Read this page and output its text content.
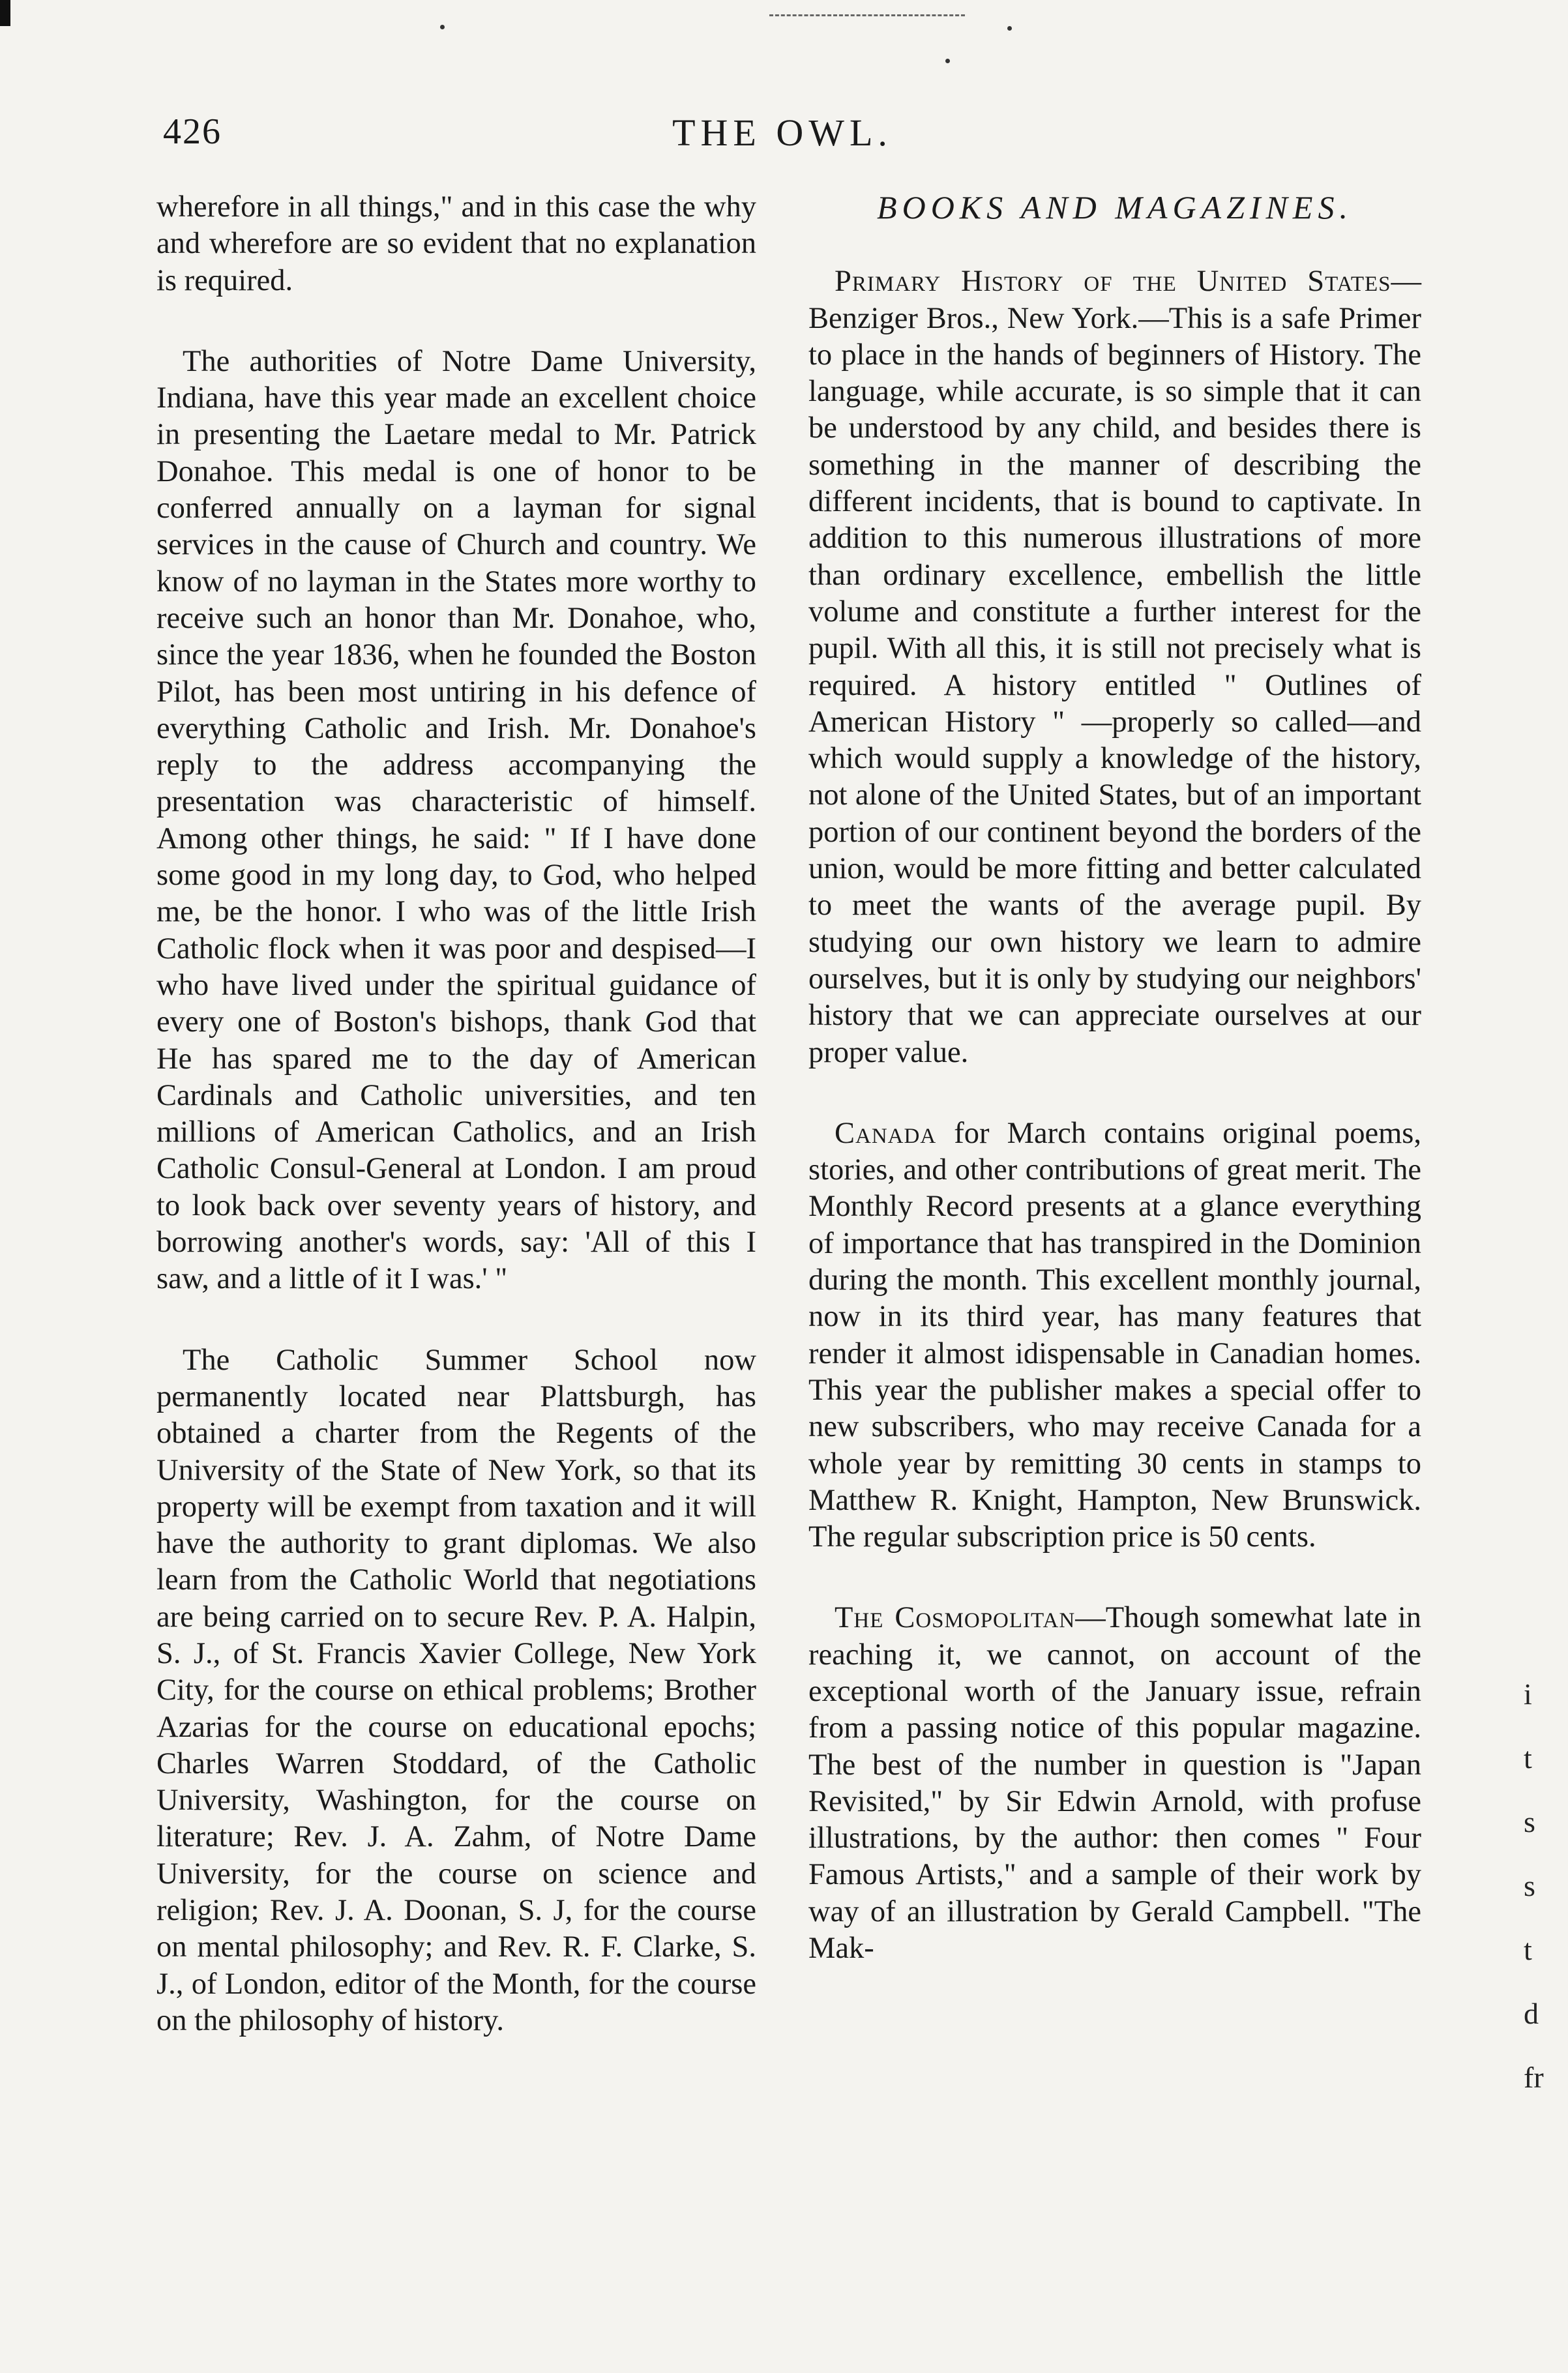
THE OWL.
426

wherefore in all things," and in this case the why and wherefore are so evident that no explanation is required.

The authorities of Notre Dame University, Indiana, have this year made an excellent choice in presenting the Laetare medal to Mr. Patrick Donahoe. This medal is one of honor to be conferred annually on a layman for signal services in the cause of Church and country. We know of no layman in the States more worthy to receive such an honor than Mr. Donahoe, who, since the year 1836, when he founded the Boston Pilot, has been most untiring in his defence of everything Catholic and Irish. Mr. Donahoe's reply to the address accompanying the presentation was characteristic of himself. Among other things, he said: " If I have done some good in my long day, to God, who helped me, be the honor. I who was of the little Irish Catholic flock when it was poor and despised—I who have lived under the spiritual guidance of every one of Boston's bishops, thank God that He has spared me to the day of American Cardinals and Catholic universities, and ten millions of American Catholics, and an Irish Catholic Consul-General at London. I am proud to look back over seventy years of history, and borrowing another's words, say: 'All of this I saw, and a little of it I was.' "

The Catholic Summer School now permanently located near Plattsburgh, has obtained a charter from the Regents of the University of the State of New York, so that its property will be exempt from taxation and it will have the authority to grant diplomas. We also learn from the Catholic World that negotiations are being carried on to secure Rev. P. A. Halpin, S. J., of St. Francis Xavier College, New York City, for the course on ethical problems; Brother Azarias for the course on educational epochs; Charles Warren Stoddard, of the Catholic University, Washington, for the course on literature; Rev. J. A. Zahm, of Notre Dame University, for the course on science and religion; Rev. J. A. Doonan, S. J, for the course on mental philosophy; and Rev. R. F. Clarke, S. J., of London, editor of the Month, for the course on the philosophy of history.

BOOKS AND MAGAZINES.

Primary History of the United States—Benziger Bros., New York.—This is a safe Primer to place in the hands of beginners of History. The language, while accurate, is so simple that it can be understood by any child, and besides there is something in the manner of describing the different incidents, that is bound to captivate. In addition to this numerous illustrations of more than ordinary excellence, embellish the little volume and constitute a further interest for the pupil. With all this, it is still not precisely what is required. A history entitled " Outlines of American History " —properly so called—and which would supply a knowledge of the history, not alone of the United States, but of an important portion of our continent beyond the borders of the union, would be more fitting and better calculated to meet the wants of the average pupil. By studying our own history we learn to admire ourselves, but it is only by studying our neighbors' history that we can appreciate ourselves at our proper value.

Canada for March contains original poems, stories, and other contributions of great merit. The Monthly Record presents at a glance everything of importance that has transpired in the Dominion during the month. This excellent monthly journal, now in its third year, has many features that render it almost idispensable in Canadian homes. This year the publisher makes a special offer to new subscribers, who may receive Canada for a whole year by remitting 30 cents in stamps to Matthew R. Knight, Hampton, New Brunswick. The regular subscription price is 50 cents.

The Cosmopolitan—Though somewhat late in reaching it, we cannot, on account of the exceptional worth of the January issue, refrain from a passing notice of this popular magazine. The best of the number in question is "Japan Revisited," by Sir Edwin Arnold, with profuse illustrations, by the author: then comes " Four Famous Artists," and a sample of their work by way of an illustration by Gerald Campbell. "The Mak-

i
t
s
s
t
d
fr
